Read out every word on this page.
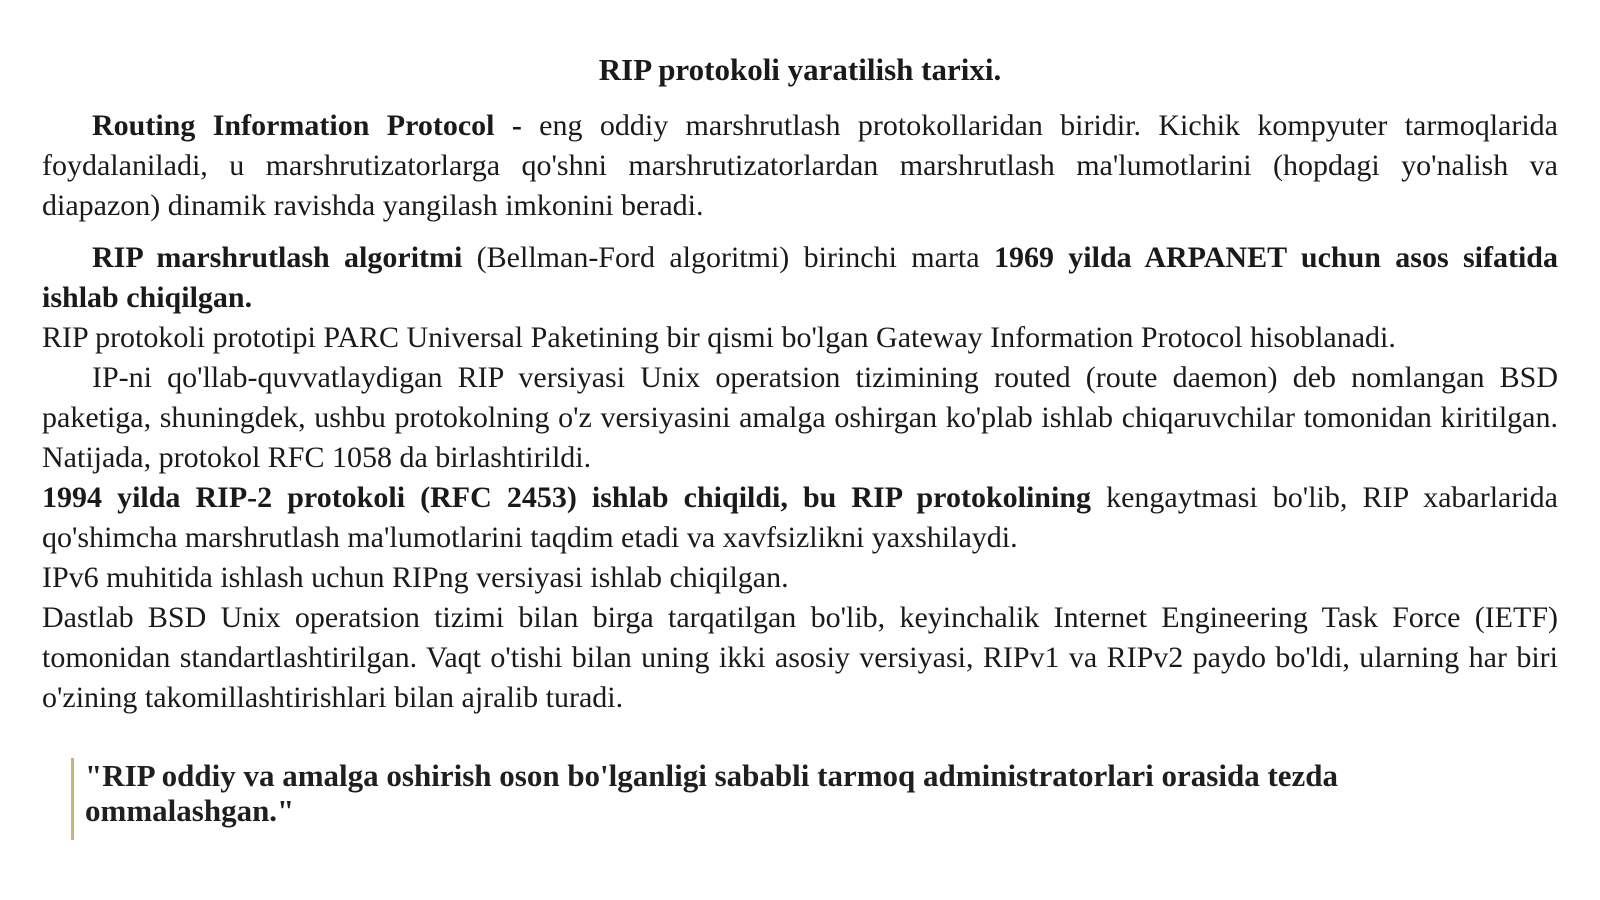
RIP protokoli yaratilish tarixi.

Routing Information Protocol - eng oddiy marshrutlash protokollaridan biridir. Kichik kompyuter tarmoqlarida foydalaniladi, u marshrutizatorlarga qo'shni marshrutizatorlardan marshrutlash ma'lumotlarini (hopdagi yo'nalish va diapazon) dinamik ravishda yangilash imkonini beradi.

RIP marshrutlash algoritmi (Bellman-Ford algoritmi) birinchi marta 1969 yilda ARPANET uchun asos sifatida ishlab chiqilgan.

RIP protokoli prototipi PARC Universal Paketining bir qismi bo'lgan Gateway Information Protocol hisoblanadi.

IP-ni qo'llab-quvvatlaydigan RIP versiyasi Unix operatsion tizimining routed (route daemon) deb nomlangan BSD paketiga, shuningdek, ushbu protokolning o'z versiyasini amalga oshirgan ko'plab ishlab chiqaruvchilar tomonidan kiritilgan. Natijada, protokol RFC 1058 da birlashtirildi.

1994 yilda RIP-2 protokoli (RFC 2453) ishlab chiqildi, bu RIP protokolining kengaytmasi bo'lib, RIP xabarlarida qo'shimcha marshrutlash ma'lumotlarini taqdim etadi va xavfsizlikni yaxshilaydi.

IPv6 muhitida ishlash uchun RIPng versiyasi ishlab chiqilgan.

Dastlab BSD Unix operatsion tizimi bilan birga tarqatilgan bo'lib, keyinchalik Internet Engineering Task Force (IETF) tomonidan standartlashtirilgan. Vaqt o'tishi bilan uning ikki asosiy versiyasi, RIPv1 va RIPv2 paydo bo'ldi, ularning har biri o'zining takomillashtirishlari bilan ajralib turadi.

"RIP oddiy va amalga oshirish oson bo'lganligi sababli tarmoq administratorlari orasida tezda ommalashgan."
